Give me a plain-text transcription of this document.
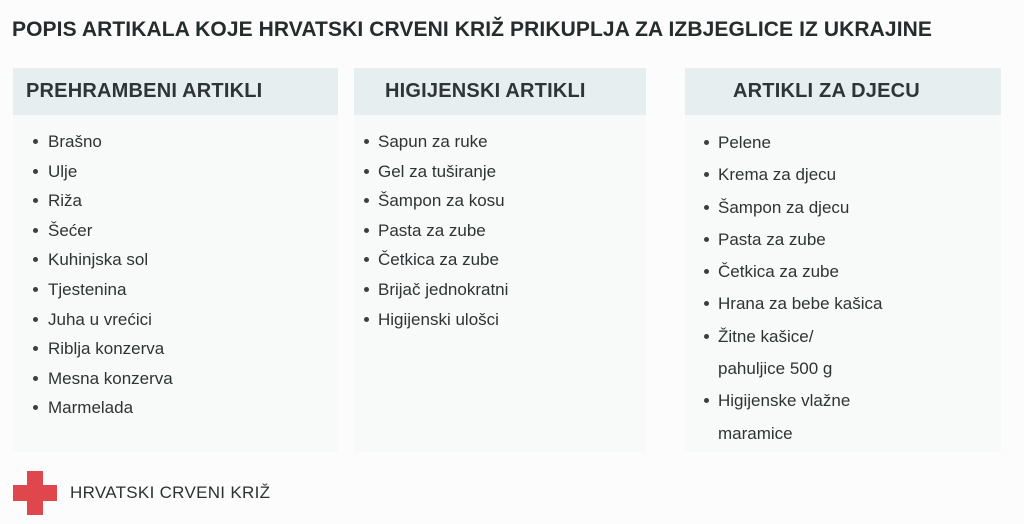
POPIS ARTIKALA KOJE HRVATSKI CRVENI KRIŽ PRIKUPLJA ZA IZBJEGLICE IZ UKRAJINE
PREHRAMBENI ARTIKLI
Brašno
Ulje
Riža
Šećer
Kuhinjska sol
Tjestenina
Juha u vrećici
Riblja konzerva
Mesna konzerva
Marmelada
HIGIJENSKI ARTIKLI
Sapun za ruke
Gel za tuširanje
Šampon za kosu
Pasta za zube
Četkica za zube
Brijač jednokratni
Higijenski ulošci
ARTIKLI ZA DJECU
Pelene
Krema za djecu
Šampon za djecu
Pasta za zube
Četkica za zube
Hrana za bebe kašica
Žitne kašice/
pahuljice 500 g
Higijenske vlažne
maramice
HRVATSKI CRVENI KRIŽ
